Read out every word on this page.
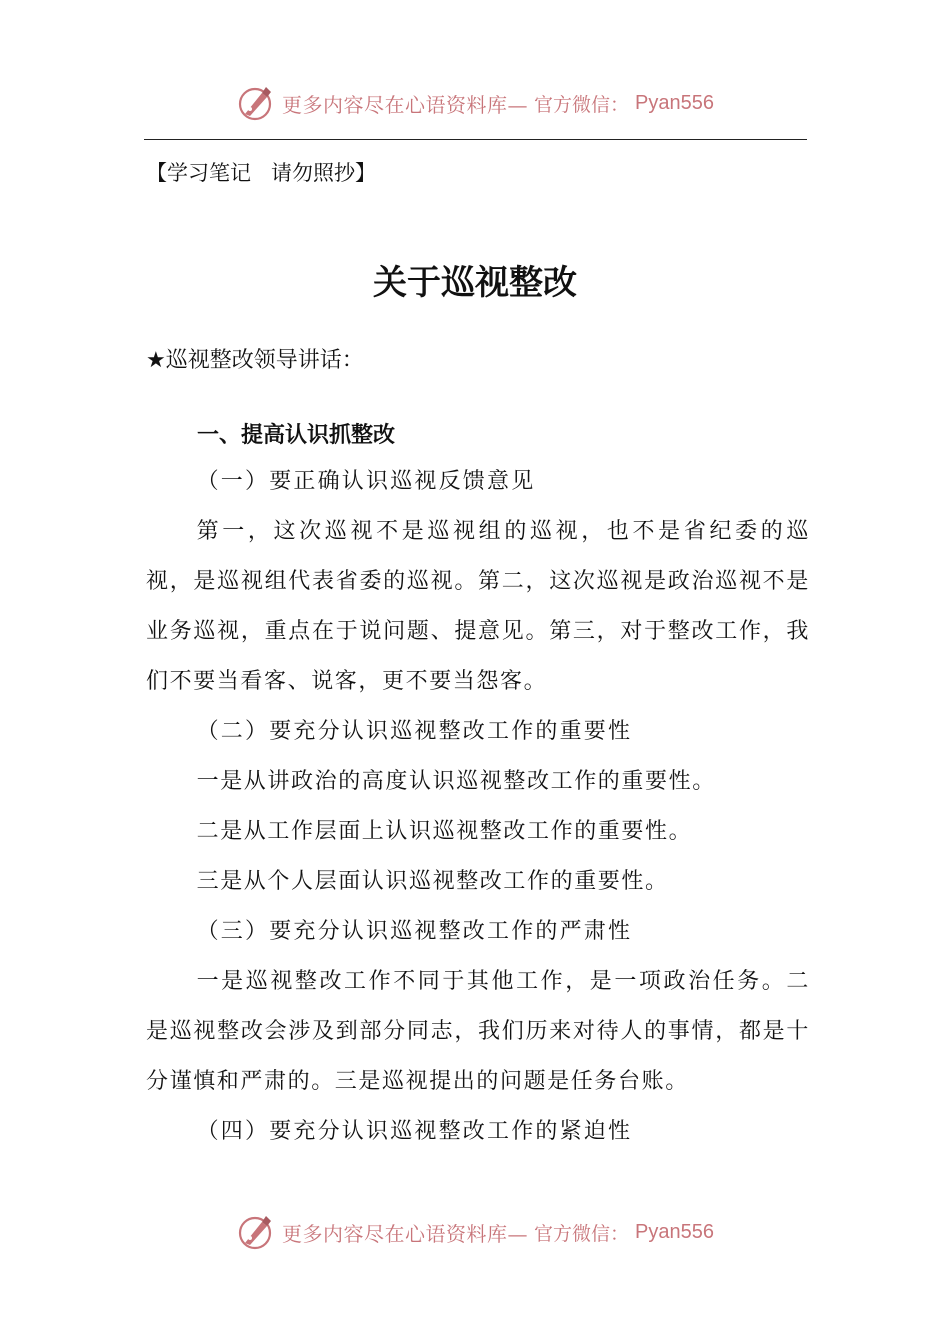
更多内容尽在心语资料库— 官方微信： Pyan556
【学习笔记   请勿照抄】
关于巡视整改
★巡视整改领导讲话：
一、提高认识抓整改

（一）要正确认识巡视反馈意见

第一，这次巡视不是巡视组的巡视，也不是省纪委的巡视，是巡视组代表省委的巡视。第二，这次巡视是政治巡视不是业务巡视，重点在于说问题、提意见。第三，对于整改工作，我们不要当看客、说客，更不要当怨客。

（二）要充分认识巡视整改工作的重要性

一是从讲政治的高度认识巡视整改工作的重要性。

二是从工作层面上认识巡视整改工作的重要性。

三是从个人层面认识巡视整改工作的重要性。

（三）要充分认识巡视整改工作的严肃性

一是巡视整改工作不同于其他工作，是一项政治任务。二是巡视整改会涉及到部分同志，我们历来对待人的事情，都是十分谨慎和严肃的。三是巡视提出的问题是任务台账。

（四）要充分认识巡视整改工作的紧迫性

更多内容尽在心语资料库— 官方微信： Pyan556
